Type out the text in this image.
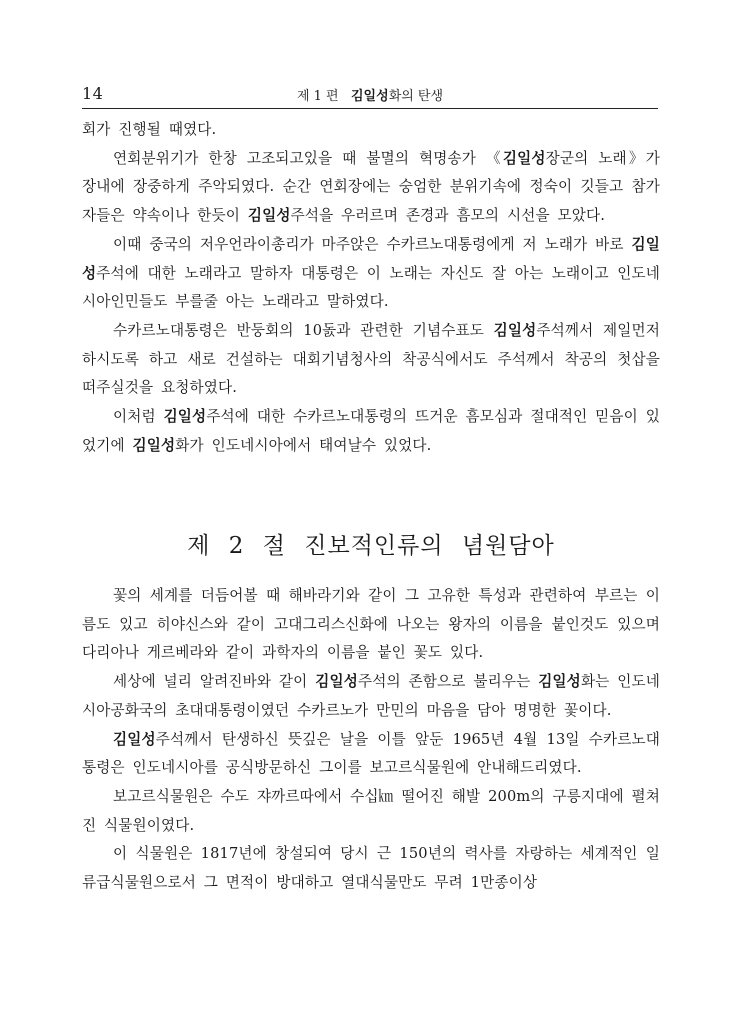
14	제 1 편 김일성화의 탄생

회가 진행될 때였다.

연회분위기가 한창 고조되고있을 때 불멸의 혁명송가 《김일성장군의 노래》가 장내에 장중하게 주악되였다. 순간 연회장에는 숭엄한 분위기속에 정숙이 깃들고 참가자들은 약속이나 한듯이 김일성주석을 우러르며 존경과 흠모의 시선을 모았다.

이때 중국의 저우언라이총리가 마주앉은 수카르노대통령에게 저 노래가 바로 김일성주석에 대한 노래라고 말하자 대통령은 이 노래는 자신도 잘 아는 노래이고 인도네시아인민들도 부를줄 아는 노래라고 말하였다.

수카르노대통령은 반둥회의 10돐과 관련한 기념수표도 김일성주석께서 제일먼저 하시도록 하고 새로 건설하는 대회기념청사의 착공식에서도 주석께서 착공의 첫삽을 떠주실것을 요청하였다.

이처럼 김일성주석에 대한 수카르노대통령의 뜨거운 흠모심과 절대적인 믿음이 있었기에 김일성화가 인도네시아에서 태여날수 있었다.

제 2 절 진보적인류의 념원담아

꽃의 세계를 더듬어볼 때 해바라기와 같이 그 고유한 특성과 관련하여 부르는 이름도 있고 히야신스와 같이 고대그리스신화에 나오는 왕자의 이름을 붙인것도 있으며 다리아나 게르베라와 같이 과학자의 이름을 붙인 꽃도 있다.

세상에 널리 알려진바와 같이 김일성주석의 존함으로 불리우는 김일성화는 인도네시아공화국의 초대대통령이였던 수카르노가 만민의 마음을 담아 명명한 꽃이다.

김일성주석께서 탄생하신 뜻깊은 날을 이틀 앞둔 1965년 4월 13일 수카르노대통령은 인도네시아를 공식방문하신 그이를 보고르식물원에 안내해드리였다.

보고르식물원은 수도 쟈까르따에서 수십㎞ 떨어진 해발 200m의 구릉지대에 펼쳐진 식물원이였다.

이 식물원은 1817년에 창설되여 당시 근 150년의 력사를 자랑하는 세계적인 일류급식물원으로서 그 면적이 방대하고 열대식물만도 무려 1만종이상
